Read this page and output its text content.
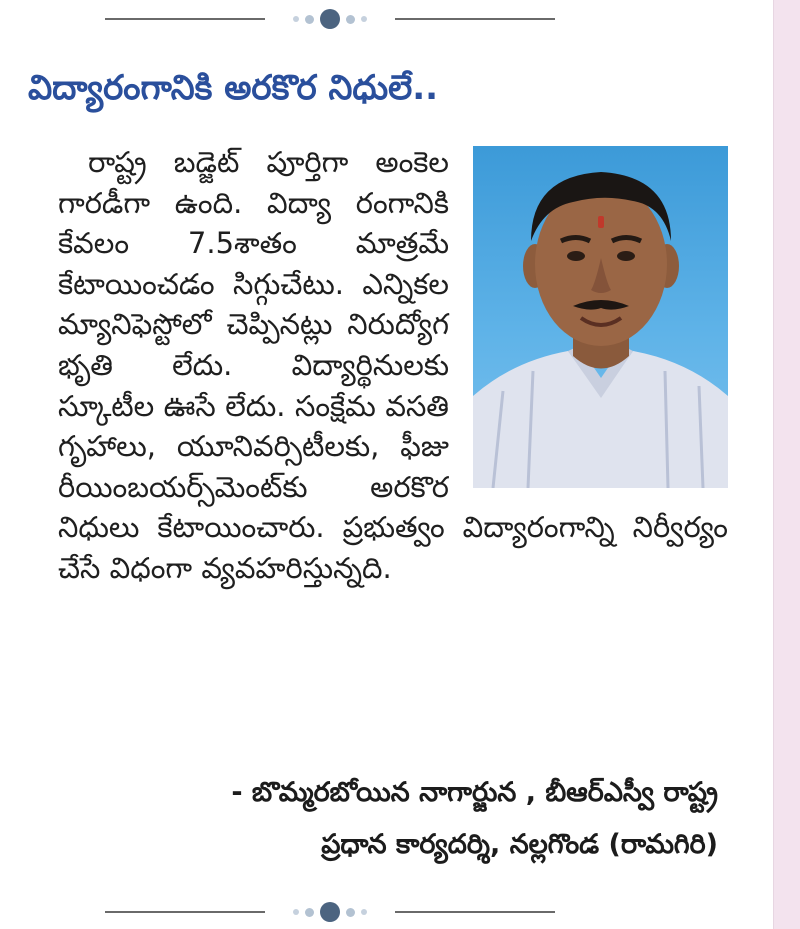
విద్యారంగానికి అరకొర నిధులే..
రాష్ట్ర బడ్జెట్ పూర్తిగా అంకెల గారడీగా ఉంది. విద్యా రంగానికి కేవలం 7.5శాతం మాత్రమే కేటాయించడం సిగ్గుచేటు. ఎన్నికల మ్యానిఫెస్టోలో చెప్పినట్లు నిరుద్యోగ భృతి లేదు. విద్యార్థినులకు స్కూటీల ఊసే లేదు. సంక్షేమ వసతి గృహాలు, యూనివర్సిటీలకు, ఫీజు రీయింబయర్స్‌మెంట్‌కు అరకొర నిధులు కేటాయించారు. ప్రభుత్వం విద్యారంగాన్ని నిర్వీర్యం చేసే విధంగా వ్యవహరిస్తున్నది.
- బొమ్మరబోయిన నాగార్జున , బీఆర్ఎస్వీ రాష్ట్ర
ప్రధాన కార్యదర్శి, నల్లగొండ (రామగిరి)
